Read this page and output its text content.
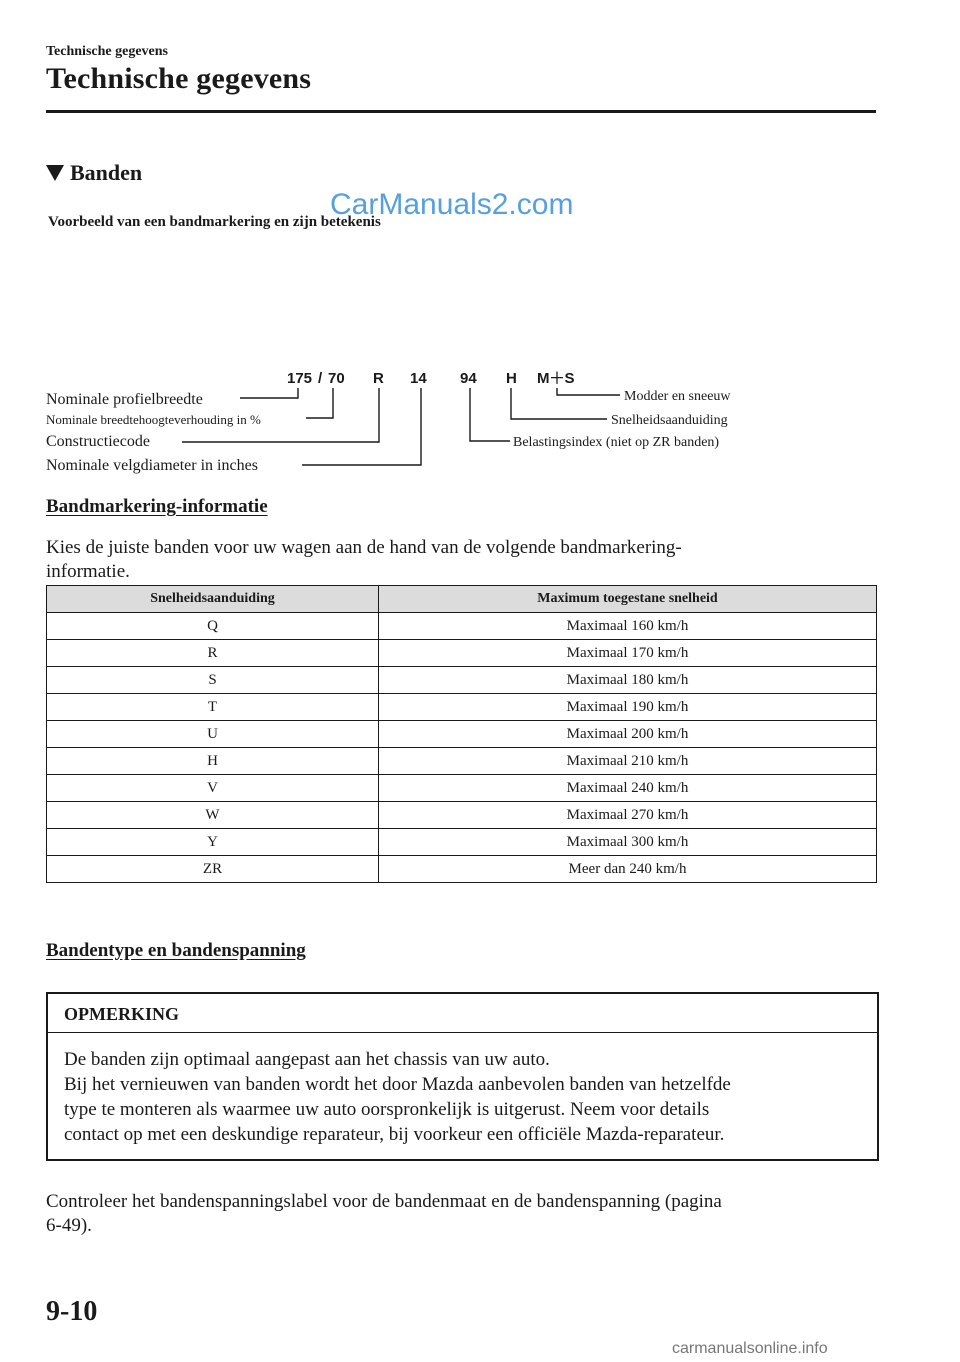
Technische gegevens
Technische gegevens
Banden
Voorbeeld van een bandmarkering en zijn betekenis
CarManuals2.com
175 / 70 R 14 94 H M＋S
Nominale profielbreedte
Nominale breedtehoogteverhouding in %
Constructiecode
Nominale velgdiameter in inches
Modder en sneeuw
Snelheidsaanduiding
Belastingsindex (niet op ZR banden)
Bandmarkering-informatie
Kies de juiste banden voor uw wagen aan de hand van de volgende bandmarkering-
informatie.
Snelheidsaanduiding	Maximum toegestane snelheid
Q	Maximaal 160 km/h
R	Maximaal 170 km/h
S	Maximaal 180 km/h
T	Maximaal 190 km/h
U	Maximaal 200 km/h
H	Maximaal 210 km/h
V	Maximaal 240 km/h
W	Maximaal 270 km/h
Y	Maximaal 300 km/h
ZR	Meer dan 240 km/h
Bandentype en bandenspanning
OPMERKING
De banden zijn optimaal aangepast aan het chassis van uw auto.
Bij het vernieuwen van banden wordt het door Mazda aanbevolen banden van hetzelfde
type te monteren als waarmee uw auto oorspronkelijk is uitgerust. Neem voor details
contact op met een deskundige reparateur, bij voorkeur een officiële Mazda-reparateur.
Controleer het bandenspanningslabel voor de bandenmaat en de bandenspanning (pagina
6-49).
9-10
carmanualsonline.info
